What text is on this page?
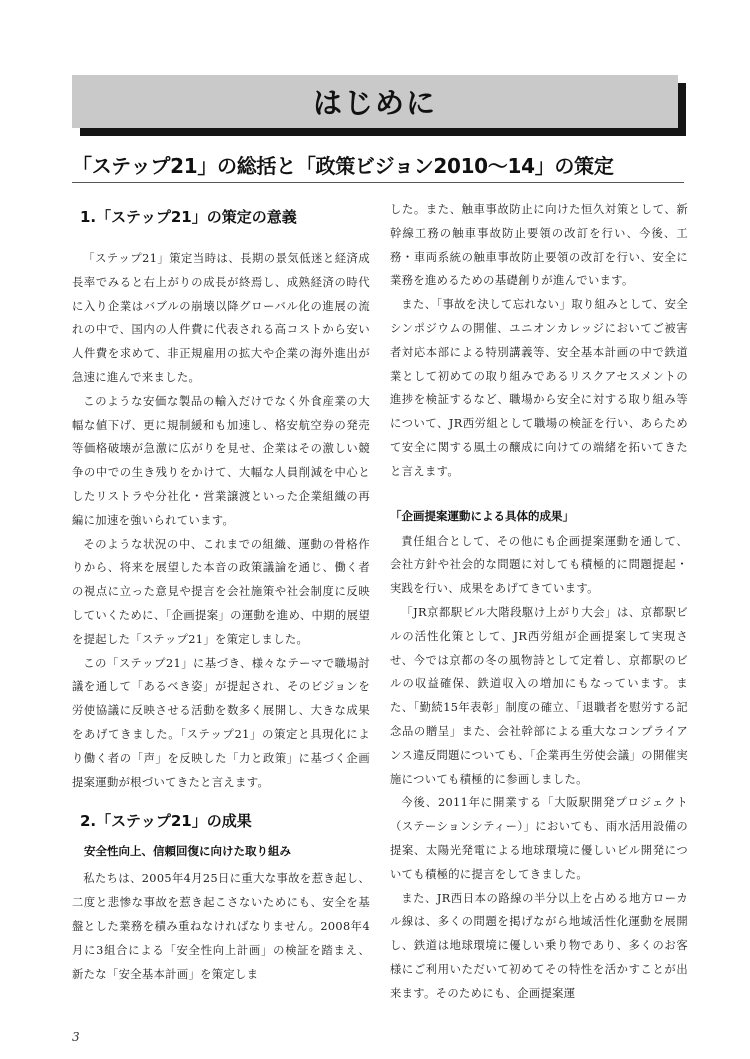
はじめに
「ステップ21」の総括と「政策ビジョン2010〜14」の策定
1.「ステップ21」の策定の意義

「ステップ21」策定当時は、長期の景気低迷と経済成長率でみると右上がりの成長が終焉し、成熟経済の時代に入り企業はバブルの崩壊以降グローバル化の進展の流れの中で、国内の人件費に代表される高コストから安い人件費を求めて、非正規雇用の拡大や企業の海外進出が急速に進んで来ました。

このような安価な製品の輸入だけでなく外食産業の大幅な値下げ、更に規制緩和も加速し、格安航空券の発売等価格破壊が急激に広がりを見せ、企業はその激しい競争の中での生き残りをかけて、大幅な人員削減を中心としたリストラや分社化・営業譲渡といった企業組織の再編に加速を強いられています。

そのような状況の中、これまでの組織、運動の骨格作りから、将来を展望した本音の政策議論を通じ、働く者の視点に立った意見や提言を会社施策や社会制度に反映していくために、「企画提案」の運動を進め、中期的展望を提起した「ステップ21」を策定しました。

この「ステップ21」に基づき、様々なテーマで職場討議を通して「あるべき姿」が提起され、そのビジョンを労使協議に反映させる活動を数多く展開し、大きな成果をあげてきました。「ステップ21」の策定と具現化により働く者の「声」を反映した「力と政策」に基づく企画提案運動が根づいてきたと言えます。

2.「ステップ21」の成果
安全性向上、信頼回復に向けた取り組み

私たちは、2005年4月25日に重大な事故を惹き起し、二度と悲惨な事故を惹き起こさないためにも、安全を基盤とした業務を積み重ねなければなりません。2008年4月に3組合による「安全性向上計画」の検証を踏まえ、新たな「安全基本計画」を策定しま

した。また、触車事故防止に向けた恒久対策として、新幹線工務の触車事故防止要領の改訂を行い、今後、工務・車両系統の触車事故防止要領の改訂を行い、安全に業務を進めるための基礎創りが進んでいます。

また、「事故を決して忘れない」取り組みとして、安全シンポジウムの開催、ユニオンカレッジにおいてご被害者対応本部による特別講義等、安全基本計画の中で鉄道業として初めての取り組みであるリスクアセスメントの進捗を検証するなど、職場から安全に対する取り組み等について、JR西労組として職場の検証を行い、あらためて安全に関する風土の醸成に向けての端緒を拓いてきたと言えます。

「企画提案運動による具体的成果」

責任組合として、その他にも企画提案運動を通して、会社方針や社会的な問題に対しても積極的に問題提起・実践を行い、成果をあげてきています。

「JR京都駅ビル大階段駆け上がり大会」は、京都駅ビルの活性化策として、JR西労組が企画提案して実現させ、今では京都の冬の風物詩として定着し、京都駅のビルの収益確保、鉄道収入の増加にもなっています。また、「勤続15年表彰」制度の確立、「退職者を慰労する記念品の贈呈」また、会社幹部による重大なコンプライアンス違反問題についても、「企業再生労使会議」の開催実施についても積極的に参画しました。

今後、2011年に開業する「大阪駅開発プロジェクト（ステーションシティー）」においても、雨水活用設備の提案、太陽光発電による地球環境に優しいビル開発についても積極的に提言をしてきました。

また、JR西日本の路線の半分以上を占める地方ローカル線は、多くの問題を掲げながら地域活性化運動を展開し、鉄道は地球環境に優しい乗り物であり、多くのお客様にご利用いただいて初めてその特性を活かすことが出来ます。そのためにも、企画提案運

3
